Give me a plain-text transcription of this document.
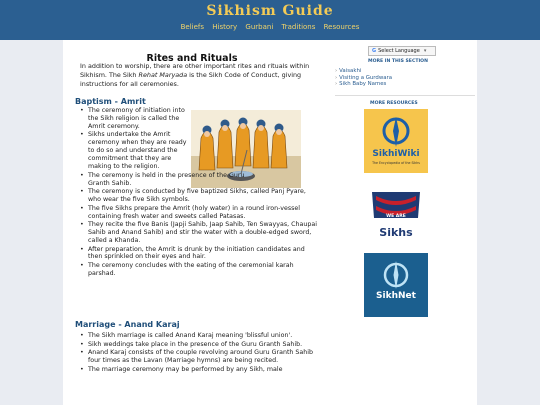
Sikhism Guide
Beliefs History Gurbani Traditions Resources
Rites and Rituals

In addition to worship, there are other important rites and rituals within Sikhism. The Sikh Rehat Maryada is the Sikh Code of Conduct, giving instructions for all ceremonies.

Baptism - Amrit
• The ceremony of initiation into the Sikh religion is called the Amrit ceremony.
• Sikhs undertake the Amrit ceremony when they are ready to do so and understand the commitment that they are making to the religion.
• The ceremony is held in the presence of the Guru Granth Sahib.
• The ceremony is conducted by five baptized Sikhs, called Panj Pyare, who wear the five Sikh symbols.
• The five Sikhs prepare the Amrit (holy water) in a round iron-vessel containing fresh water and sweets called Patasas.
• They recite the five Banis (Japji Sahib, Jaap Sahib, Ten Swayyas, Chaupai Sahib and Anand Sahib) and stir the water with a double-edged sword, called a Khanda.
• After preparation, the Amrit is drunk by the initiation candidates and then sprinkled on their eyes and hair.
• The ceremony concludes with the eating of the ceremonial karah parshad.
Marriage - Anand Karaj
• The Sikh marriage is called Anand Karaj meaning 'blissful union'.
• Sikh weddings take place in the presence of the Guru Granth Sahib.
• Anand Karaj consists of the couple revolving around Guru Granth Sahib four times as the Lavan (Marriage hymns) are being recited.
• The marriage ceremony may be performed by any Sikh, male
G Select Language ▾
MORE IN THIS SECTION
› Vaisakhi
› Visiting a Gurdwara
› Sikh Baby Names
MORE RESOURCES
SikhiWiki
The Encyclopedia of the Sikhs
WE ARE
Sikhs
SikhNet
